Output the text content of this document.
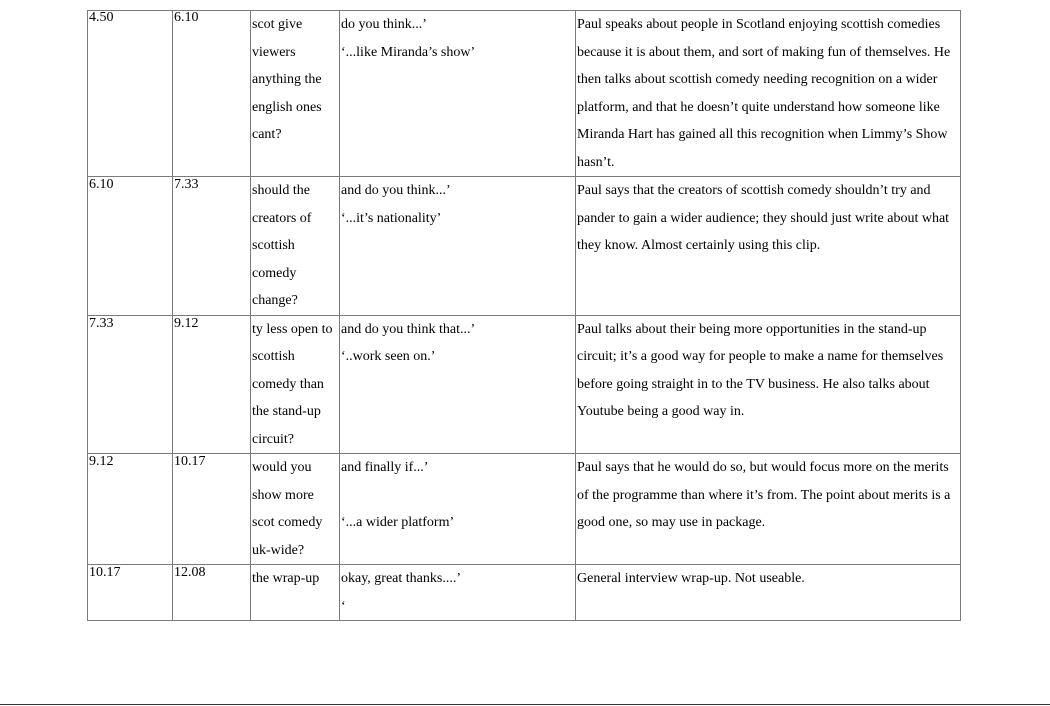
4.50	6.10	scot give viewers anything the english ones cant?	do you think...’
‘...like Miranda’s show’	Paul speaks about people in Scotland enjoying scottish comedies because it is about them, and sort of making fun of themselves. He then talks about scottish comedy needing recognition on a wider platform, and that he doesn’t quite understand how someone like Miranda Hart has gained all this recognition when Limmy’s Show hasn’t.
6.10	7.33	should the creators of scottish comedy change?	and do you think...’
‘...it’s nationality’	Paul says that the creators of scottish comedy shouldn’t try and pander to gain a wider audience; they should just write about what they know. Almost certainly using this clip.
7.33	9.12	ty less open to scottish comedy than the stand-up circuit?	and do you think that...’
‘..work seen on.’	Paul talks about their being more opportunities in the stand-up circuit; it’s a good way for people to make a name for themselves before going straight in to the TV business. He also talks about Youtube being a good way in.
9.12	10.17	would you show more scot comedy uk-wide?	and finally if...’

‘...a wider platform’	Paul says that he would do so, but would focus more on the merits of the programme than where it’s from. The point about merits is a good one, so may use in package.
10.17	12.08	the wrap-up	okay, great thanks....’
‘	General interview wrap-up. Not useable.
